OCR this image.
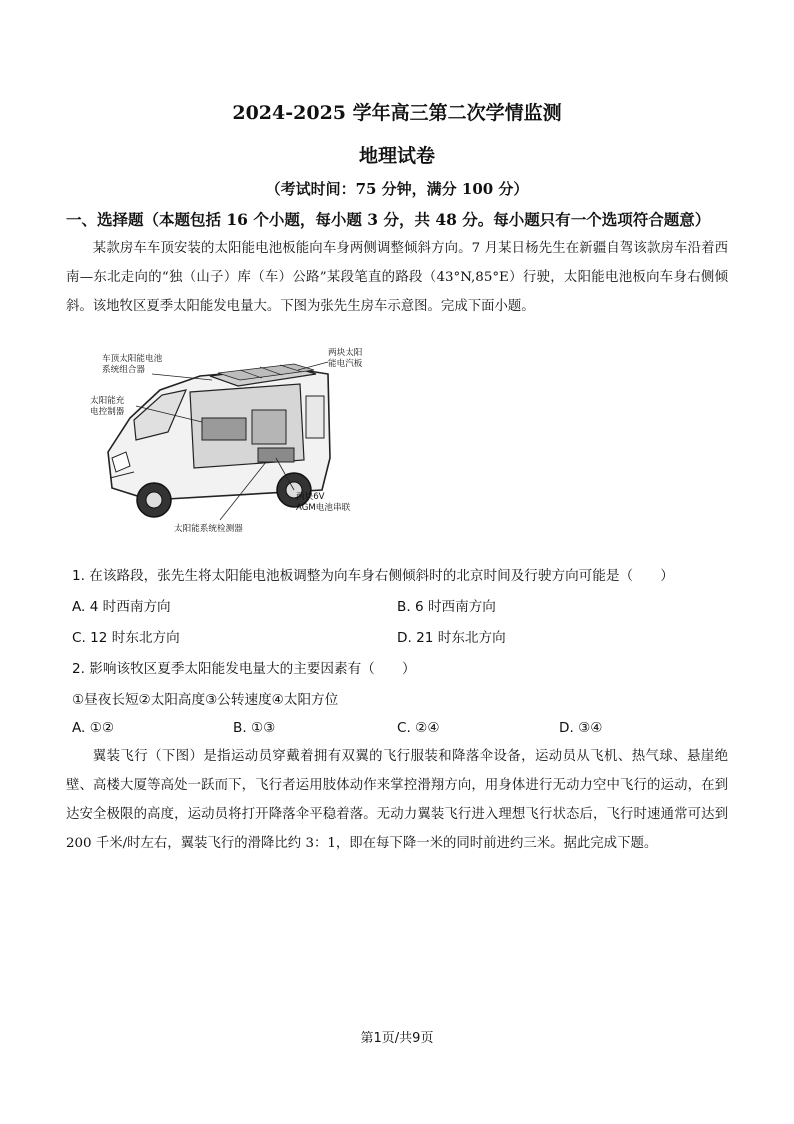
2024-2025 学年高三第二次学情监测
地理试卷
（考试时间：75 分钟，满分 100 分）
一、选择题（本题包括 16 个小题，每小题 3 分，共 48 分。每小题只有一个选项符合题意）
某款房车车顶安装的太阳能电池板能向车身两侧调整倾斜方向。7 月某日杨先生在新疆自驾该款房车沿着西南—东北走向的“独（山子）库（车）公路”某段笔直的路段（43°N,85°E）行驶，太阳能电池板向车身右侧倾斜。该地牧区夏季太阳能发电量大。下图为张先生房车示意图。完成下面小题。
车顶太阳能电池
系统组合器
太阳能充
电控制器
两块太阳
能电汽板
两块6V
AGM电池串联
太阳能系统检测器
1. 在该路段，张先生将太阳能电池板调整为向车身右侧倾斜时的北京时间及行驶方向可能是（　　）
A. 4 时西南方向	B. 6 时西南方向
C. 12 时东北方向	D. 21 时东北方向
2. 影响该牧区夏季太阳能发电量大的主要因素有（　　）
①昼夜长短②太阳高度③公转速度④太阳方位
A. ①②	B. ①③	C. ②④	D. ③④
翼装飞行（下图）是指运动员穿戴着拥有双翼的飞行服装和降落伞设备，运动员从飞机、热气球、悬崖绝壁、高楼大厦等高处一跃而下，飞行者运用肢体动作来掌控滑翔方向，用身体进行无动力空中飞行的运动，在到达安全极限的高度，运动员将打开降落伞平稳着落。无动力翼装飞行进入理想飞行状态后，飞行时速通常可达到 200 千米/时左右，翼装飞行的滑降比约 3：1，即在每下降一米的同时前进约三米。据此完成下题。
第1页/共9页
